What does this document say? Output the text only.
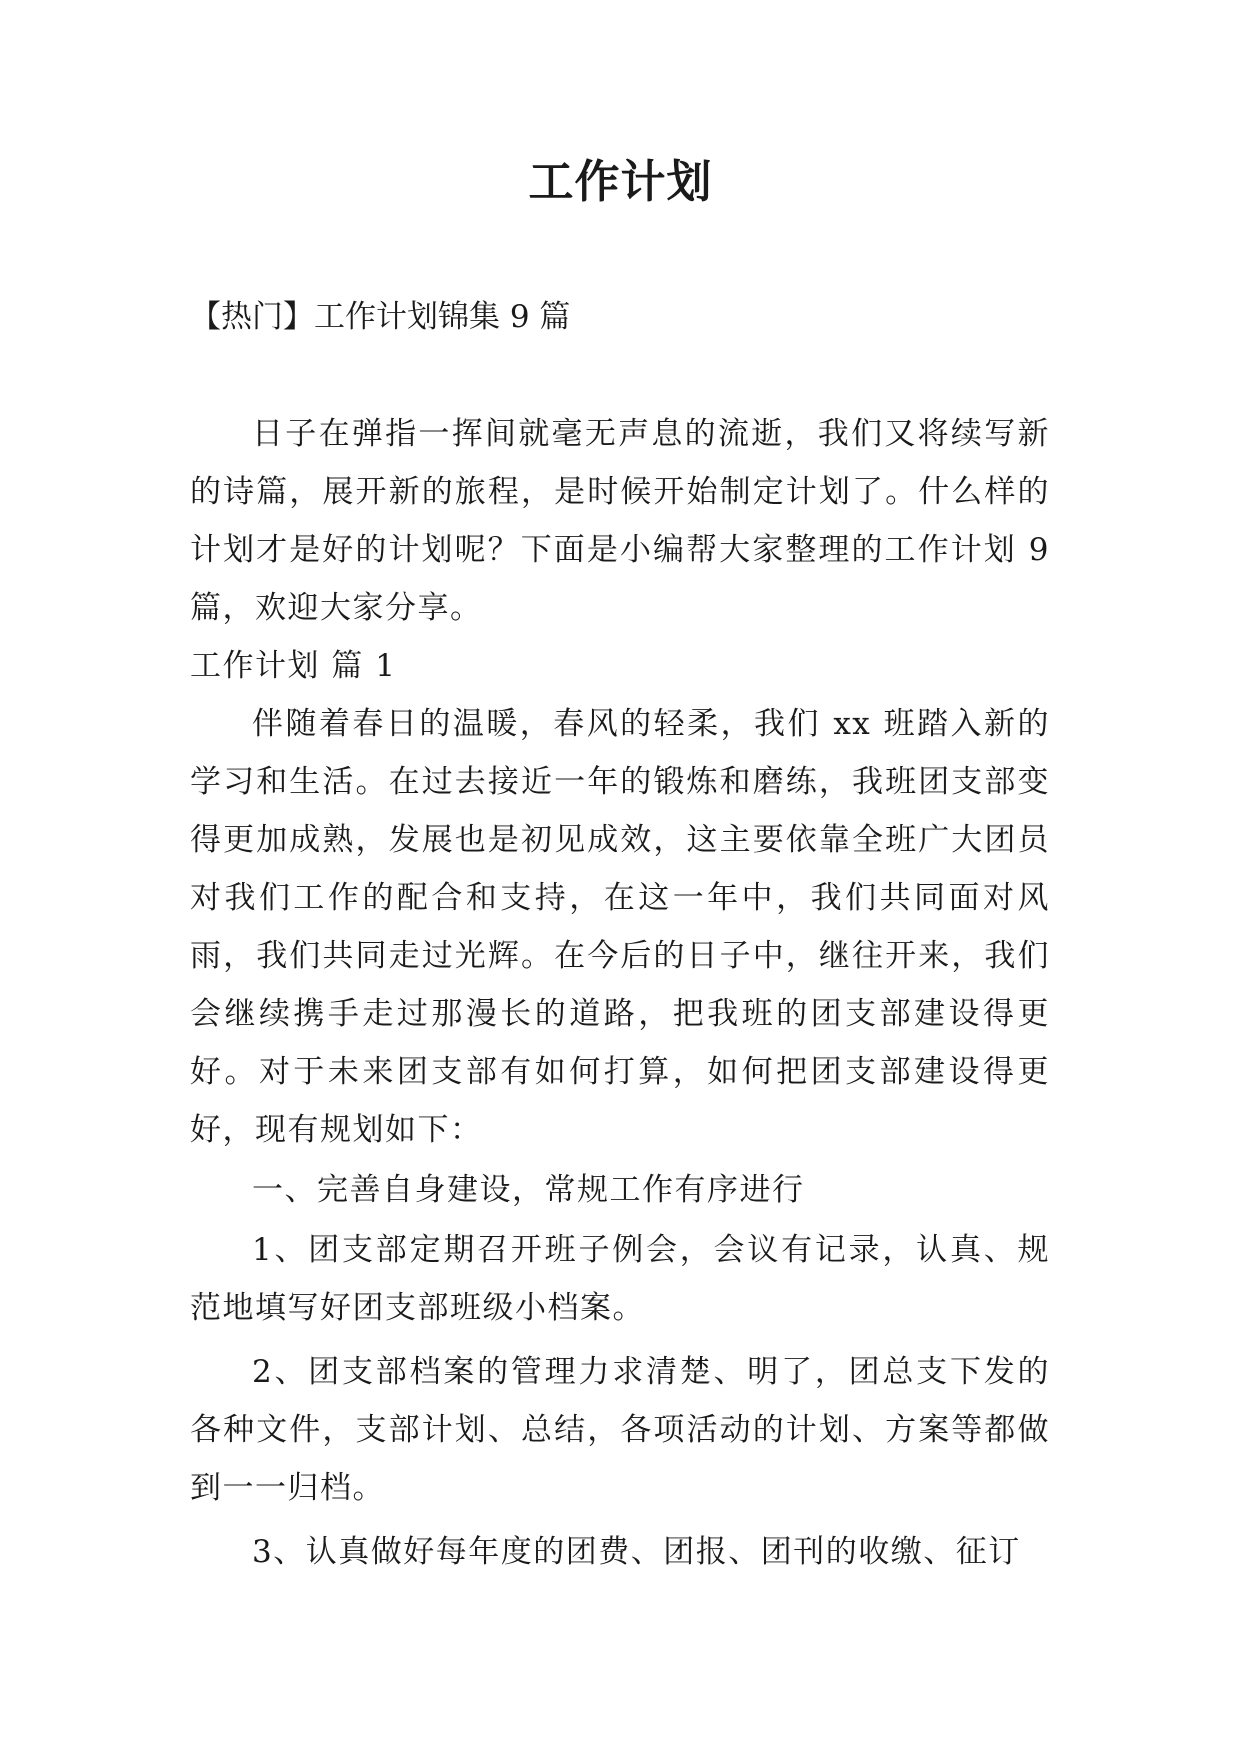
工作计划
【热门】工作计划锦集 9 篇

日子在弹指一挥间就毫无声息的流逝，我们又将续写新的诗篇，展开新的旅程，是时候开始制定计划了。什么样的计划才是好的计划呢？下面是小编帮大家整理的工作计划 9 篇，欢迎大家分享。

工作计划 篇 1

伴随着春日的温暖，春风的轻柔，我们 xx 班踏入新的学习和生活。在过去接近一年的锻炼和磨练，我班团支部变得更加成熟，发展也是初见成效，这主要依靠全班广大团员对我们工作的配合和支持，在这一年中，我们共同面对风雨，我们共同走过光辉。在今后的日子中，继往开来，我们会继续携手走过那漫长的道路，把我班的团支部建设得更好。对于未来团支部有如何打算，如何把团支部建设得更好，现有规划如下：

一、完善自身建设，常规工作有序进行

1、团支部定期召开班子例会，会议有记录，认真、规范地填写好团支部班级小档案。

2、团支部档案的管理力求清楚、明了，团总支下发的各种文件，支部计划、总结，各项活动的计划、方案等都做到一一归档。

3、认真做好每年度的团费、团报、团刊的收缴、征订
